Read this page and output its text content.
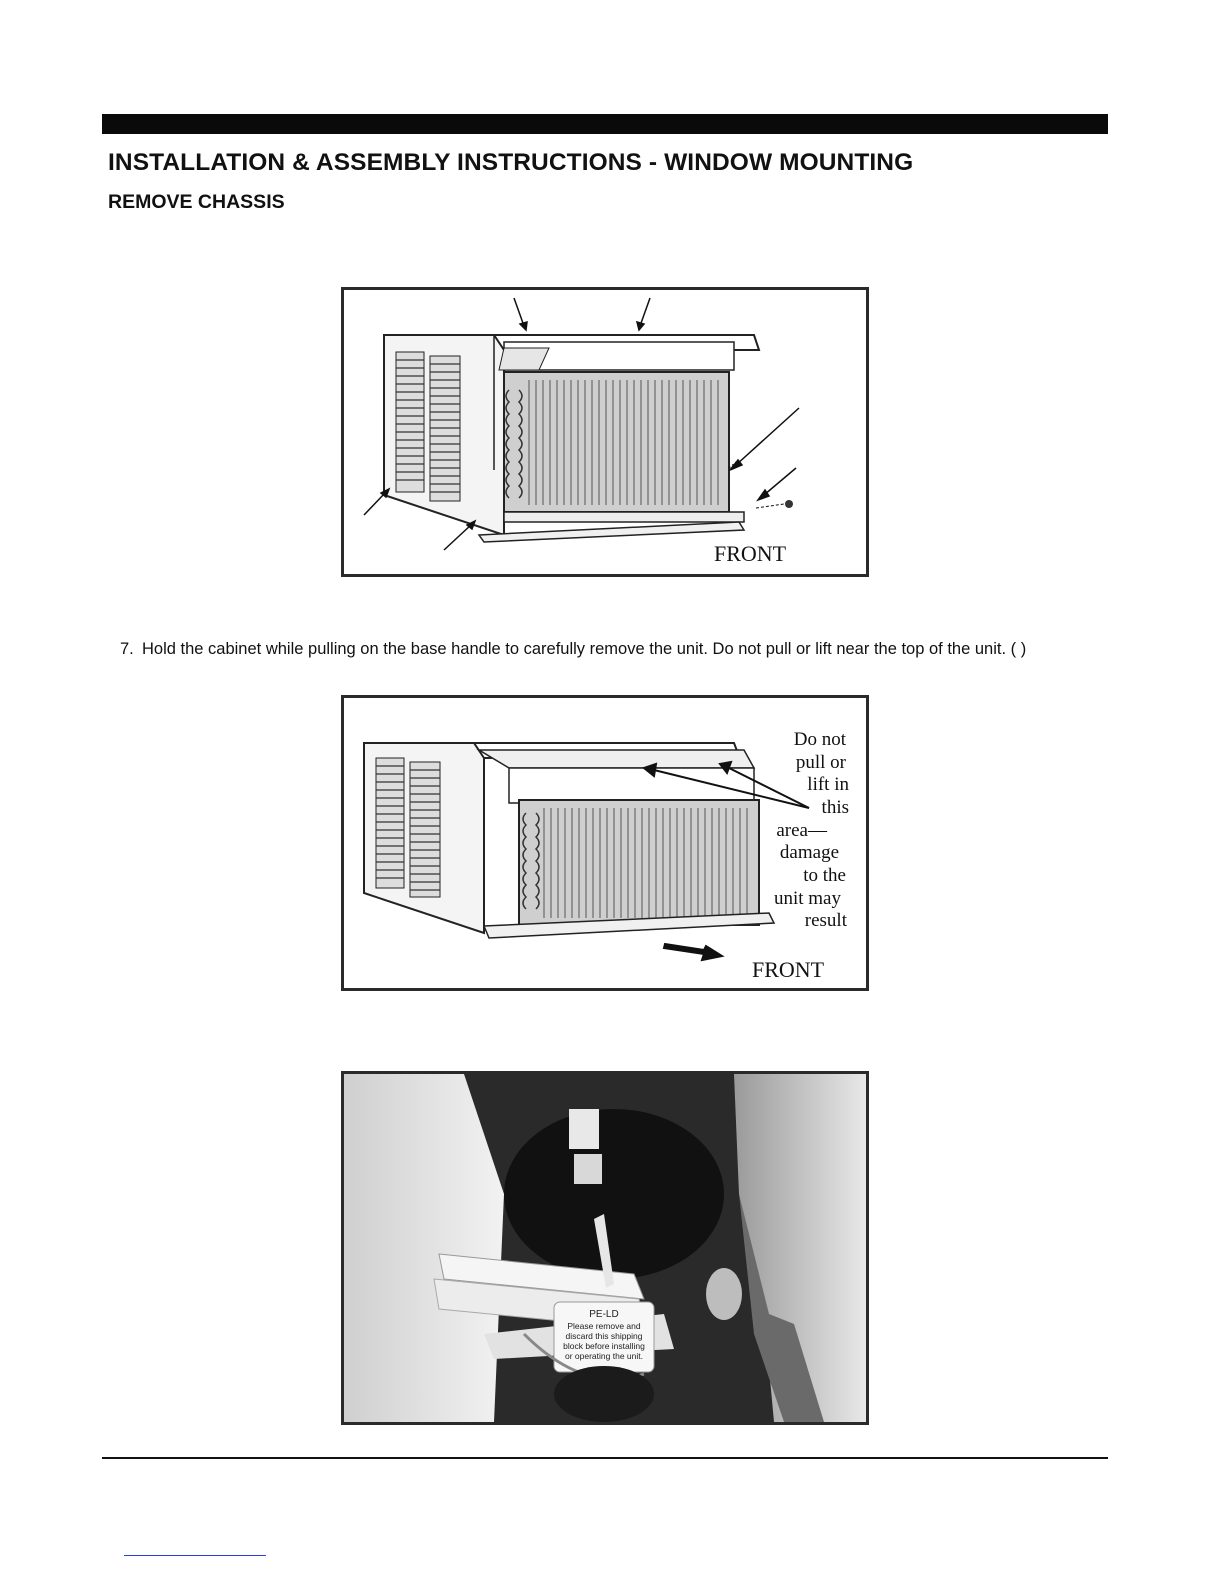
INSTALLATION & ASSEMBLY INSTRUCTIONS - WINDOW MOUNTING
REMOVE CHASSIS
FRONT
7. Hold the cabinet while pulling on the base handle to carefully remove the unit. Do not pull or lift near the top of the unit. ( )
Do not
pull or
lift in
this
area—
damage
to the
unit may
result
FRONT
PE-LD
Please remove and
discard this shipping
block before installing
or operating the unit.
